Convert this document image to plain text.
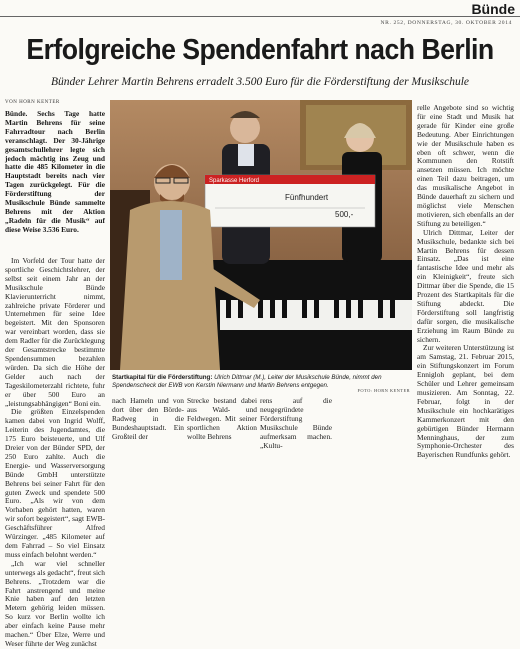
Bünde
NR. 252, DONNERSTAG, 30. OKTOBER 2014
Erfolgreiche Spendenfahrt nach Berlin
Bünder Lehrer Martin Behrens erradelt 3.500 Euro für die Förderstiftung der Musikschule
VON HORN KENTER

Bünde. Sechs Tage hatte Martin Behrens für seine Fahrradtour nach Berlin veranschlagt. Der 30-Jährige gesamtschullehrer legte sich jedoch mächtig ins Zeug und hatte die 485 Kilometer in die Hauptstadt bereits nach vier Tagen zurückgelegt. Für die Förderstiftung der Musikschule Bünde sammelte Behrens mit der Aktion „Radeln für die Musik“ auf diese Weise 3.536 Euro.

Im Vorfeld der Tour hatte der sportliche Geschichtslehrer, der selbst seit einem Jahr an der Musikschule Bünde Klavierunterricht nimmt, zahlreiche private Förderer und Unternehmen für seine Idee begeistert. Mit den Sponsoren war vereinbart worden, dass sie dem Radler für die Zurücklegung der Gesamtstrecke bestimmte Spendensummen bezahlen würden. Da sich die Höhe der Gelder auch nach der Tageskilometerzahl richtete, fuhr er über 500 Euro an „leistungsabhängigen“ Boni ein.

Die größten Einzelspenden kamen dabei von Ingrid Wolff, Leiterin des Jugendamtes, die 175 Euro beisteuerte, und Ulf Dreier von der Bünder SPD, der 250 Euro zahlte. Auch die Energie- und Wasserversorgung Bünde GmbH unterstützte Behrens bei seiner Fahrt für den guten Zweck und spendete 500 Euro. „Als wir von dem Vorhaben gehört hatten, waren wir sofort begeistert“, sagt EWB-Geschäftsführer Alfred Würzinger. „485 Kilometer auf dem Fahrrad – So viel Einsatz muss einfach belohnt werden.“

„Ich war viel schneller unterwegs als gedacht“, freut sich Behrens. „Trotzdem war die Fahrt anstrengend und meine Knie haben auf den letzten Metern gehörig leiden müssen. So kurz vor Berlin wollte ich aber einfach keine Pause mehr machen.“ Über Elze, Werre und Weser führte der Weg zunächst

Sparkasse Herford
Fünfhundert
500,-
Startkapital für die Förderstiftung: Ulrich Dittmar (M.), Leiter der Musikschule Bünde, nimmt den Spendenscheck der EWB von Kerstin Niermann und Martin Behrens entgegen.
FOTO: HORN KENTER

nach Hameln und von dort über den Börde-Radweg in die Bundeshauptstadt. Ein Großteil der

Strecke bestand dabei aus Wald- und Feldwegen. Mit seiner sportlichen Aktion wollte Behrens

rens auf die neugegründete Förderstiftung Musikschule Bünde aufmerksam machen. „Kultu-

relle Angebote sind so wichtig für eine Stadt und Musik hat gerade für Kinder eine große Bedeutung. Aber Einrichtungen wie der Musikschule haben es eben oft schwer, wenn die Kommunen den Rotstift ansetzen müssen. Ich möchte einen Teil dazu beitragen, um das musikalische Angebot in Bünde dauerhaft zu sichern und möglichst viele Menschen motivieren, sich ebenfalls an der Stiftung zu beteiligen.“

Ulrich Dittmar, Leiter der Musikschule, bedankte sich bei Martin Behrens für dessen Einsatz. „Das ist eine fantastische Idee und mehr als ein Kleinigkeit“, freute sich Dittmar über die Spende, die 15 Prozent des Startkapitals für die Stiftung abdeckt. Die Förderstiftung soll langfristig dafür sorgen, die musikalische Erziehung im Raum Bünde zu sichern.

Zur weiteren Unterstützung ist am Samstag, 21. Februar 2015, ein Stiftungskonzert im Forum Ennigloh geplant, bei dem Schüler und Lehrer gemeinsam musizieren. Am Sonntag, 22. Februar, folgt in der Musikschule ein hochkarätiges Kammerkonzert mit den gebürtigen Bünder Hermann Menninghaus, der zum Symphonie-Orchester des Bayerischen Rundfunks gehört.
